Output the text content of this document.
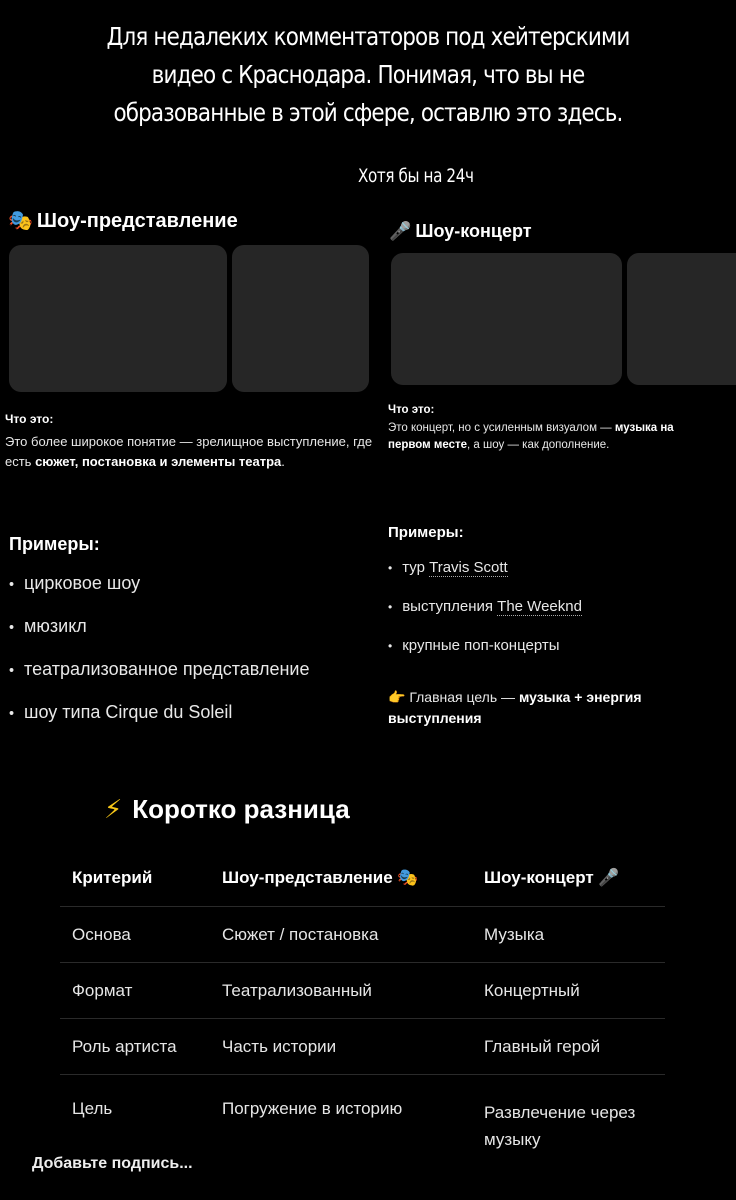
Для недалеких комментаторов под хейтерскими
видео с Краснодара. Понимая, что вы не
образованные в этой сфере, оставлю это здесь.
Хотя бы на 24ч
🎭 Шоу-представление
Что это:
Это более широкое понятие — зрелищное выступление, где есть сюжет, постановка и элементы театра.
Примеры:
• цирковое шоу
• мюзикл
• театрализованное представление
• шоу типа Cirque du Soleil
🎤 Шоу-концерт
Что это:
Это концерт, но с усиленным визуалом — музыка на первом месте, а шоу — как дополнение.
Примеры:
• тур Travis Scott
• выступления The Weeknd
• крупные поп-концерты
👉 Главная цель — музыка + энергия выступления
⚡ Коротко разница
Критерий	Шоу-представление 🎭	Шоу-концерт 🎤
Основа	Сюжет / постановка	Музыка
Формат	Театрализованный	Концертный
Роль артиста	Часть истории	Главный герой
Цель	Погружение в историю	Развлечение через музыку
Добавьте подпись...
